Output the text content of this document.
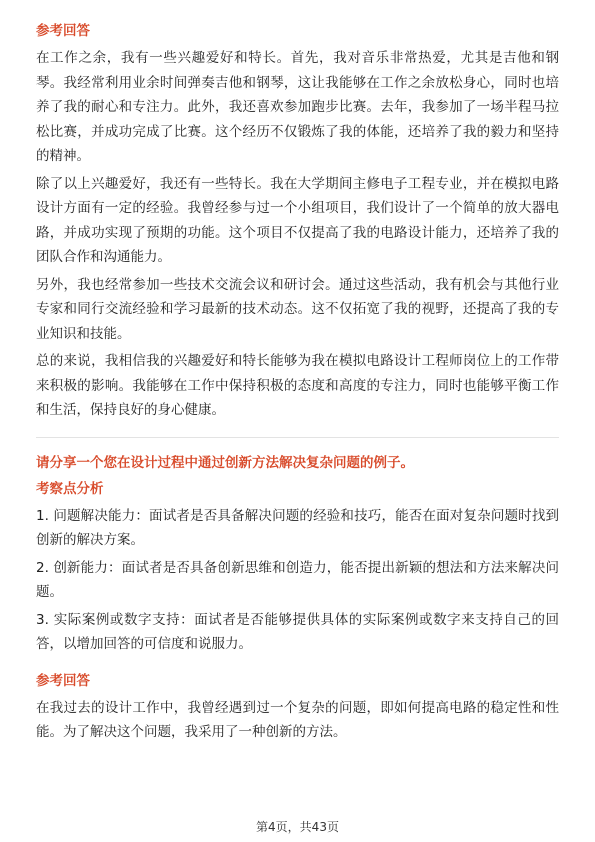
参考回答

在工作之余，我有一些兴趣爱好和特长。首先，我对音乐非常热爱，尤其是吉他和钢琴。我经常利用业余时间弹奏吉他和钢琴，这让我能够在工作之余放松身心，同时也培养了我的耐心和专注力。此外，我还喜欢参加跑步比赛。去年，我参加了一场半程马拉松比赛，并成功完成了比赛。这个经历不仅锻炼了我的体能，还培养了我的毅力和坚持的精神。

除了以上兴趣爱好，我还有一些特长。我在大学期间主修电子工程专业，并在模拟电路设计方面有一定的经验。我曾经参与过一个小组项目，我们设计了一个简单的放大器电路，并成功实现了预期的功能。这个项目不仅提高了我的电路设计能力，还培养了我的团队合作和沟通能力。

另外，我也经常参加一些技术交流会议和研讨会。通过这些活动，我有机会与其他行业专家和同行交流经验和学习最新的技术动态。这不仅拓宽了我的视野，还提高了我的专业知识和技能。

总的来说，我相信我的兴趣爱好和特长能够为我在模拟电路设计工程师岗位上的工作带来积极的影响。我能够在工作中保持积极的态度和高度的专注力，同时也能够平衡工作和生活，保持良好的身心健康。

请分享一个您在设计过程中通过创新方法解决复杂问题的例子。
考察点分析

1. 问题解决能力：面试者是否具备解决问题的经验和技巧，能否在面对复杂问题时找到创新的解决方案。

2. 创新能力：面试者是否具备创新思维和创造力，能否提出新颖的想法和方法来解决问题。

3. 实际案例或数字支持：面试者是否能够提供具体的实际案例或数字来支持自己的回答，以增加回答的可信度和说服力。

参考回答

在我过去的设计工作中，我曾经遇到过一个复杂的问题，即如何提高电路的稳定性和性能。为了解决这个问题，我采用了一种创新的方法。

第4页，共43页
